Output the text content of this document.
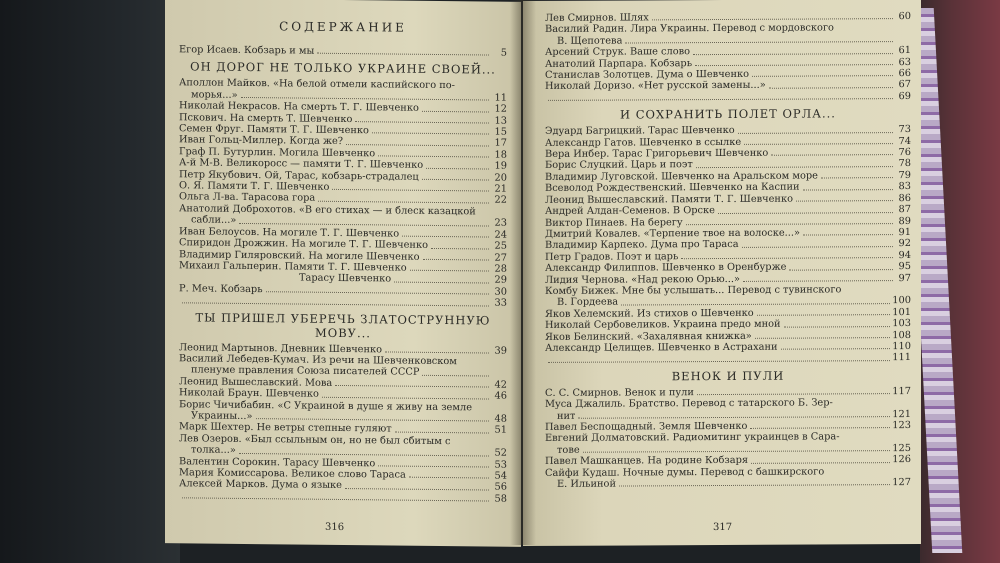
СОДЕРЖАНИЕ
Егор Исаев. Кобзарь и мы	5
ОН ДОРОГ НЕ ТОЛЬКО УКРАИНЕ СВОЕЙ...
Аполлон Майков. «На белой отмели каспийского по-
морья...»	11
Николай Некрасов. На смерть Т. Г. Шевченко	12
Пскович. На смерть Т. Шевченко	13
Семен Фруг. Памяти Т. Г. Шевченко	15
Иван Гольц-Миллер. Когда же?	17
Граф П. Бутурлин. Могила Шевченко	18
А-й М-В. Великоросс — памяти Т. Г. Шевченко	19
Петр Якубович. Ой, Тарас, кобзарь-страдалец	20
О. Я. Памяти Т. Г. Шевченко	21
Ольга Л-ва. Тарасова гора	22
Анатолий Доброхотов. «В его стихах — и блеск казацкой
сабли...»	23
Иван Белоусов. На могиле Т. Г. Шевченко	24
Спиридон Дрожжин. На могиле Т. Г. Шевченко	25
Владимир Гиляровский. На могиле Шевченко	27
Михаил Гальперин. Памяти Т. Г. Шевченко	28
Тарасу Шевченко	29
Р. Меч. Кобзарь	30
33
ТЫ ПРИШЕЛ УБЕРЕЧЬ ЗЛАТОСТРУННУЮ МОВУ...
Леонид Мартынов. Дневник Шевченко	39
Василий Лебедев-Кумач. Из речи на Шевченковском
пленуме правления Союза писателей СССР
Леонид Вышеславский. Мова	42
Николай Браун. Шевченко	46
Борис Чичибабин. «С Украиной в душе я живу на земле
Украины...»	48
Марк Шехтер. Не ветры степные гуляют	51
Лев Озеров. «Был ссыльным он, но не был сбитым с
толка...»	52
Валентин Сорокин. Тарасу Шевченко	53
Мария Комиссарова. Великое слово Тараса	54
Алексей Марков. Дума о языке	56
58
316
Лев Смирнов. Шлях	60
Василий Радин. Лира Украины. Перевод с мордовского
В. Щепотева
Арсений Струк. Ваше слово	61
Анатолий Парпара. Кобзарь	63
Станислав Золотцев. Дума о Шевченко	66
Николай Доризо. «Нет русской замены...»	67
69
И СОХРАНИТЬ ПОЛЕТ ОРЛА...
Эдуард Багрицкий. Тарас Шевченко	73
Александр Гатов. Шевченко в ссылке	74
Вера Инбер. Тарас Григорьевич Шевченко	76
Борис Слуцкий. Царь и поэт	78
Владимир Луговской. Шевченко на Аральском море	79
Всеволод Рождественский. Шевченко на Каспии	83
Леонид Вышеславский. Памяти Т. Г. Шевченко	86
Андрей Алдан-Семенов. В Орске	87
Виктор Пинаев. На берегу	89
Дмитрий Ковалев. «Терпение твое на волоске...»	91
Владимир Карпеко. Дума про Тараса	92
Петр Градов. Поэт и царь	94
Александр Филиппов. Шевченко в Оренбурже	95
Лидия Чернова. «Над рекою Орью...»	97
Комбу Бижек. Мне бы услышать... Перевод с тувинского
В. Гордеева	100
Яков Хелемский. Из стихов о Шевченко	101
Николай Сербовеликов. Украина предо мной	103
Яков Белинский. «Захалявная книжка»	108
Александр Целищев. Шевченко в Астрахани	110
111
ВЕНОК И ПУЛИ
С. С. Смирнов. Венок и пули	117
Муса Джалиль. Братство. Перевод с татарского Б. Зер-
нит	121
Павел Беспощадный. Земля Шевченко	123
Евгений Долматовский. Радиомитинг украинцев в Сара-
тове	125
Павел Машканцев. На родине Кобзаря	126
Сайфи Кудаш. Ночные думы. Перевод с башкирского
Е. Ильиной	127
317
